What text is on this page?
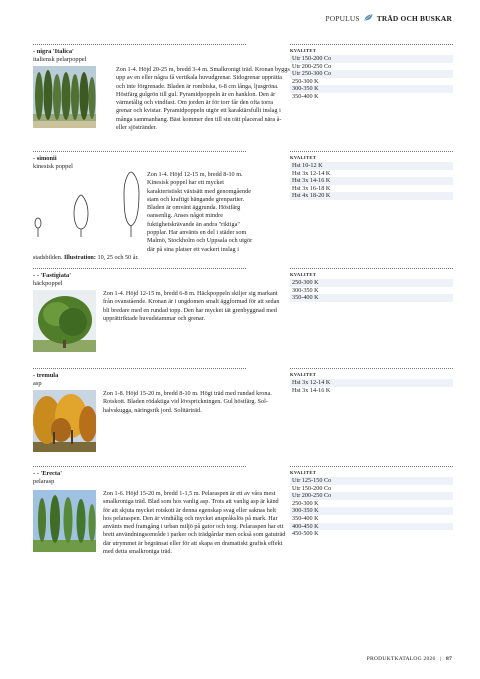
POPULUS TRÄD OCH BUSKAR
- nigra 'Italica'
italiensk pelarpoppel
Zon 1-4. Höjd 20-25 m, bredd 3-4 m. Smalkronigt träd. Kronan byggs upp av en eller några få vertikala huvudgrenar. Sidogrenar upprätta och inte förgrenade. Bladen är rombiska, 6-8 cm långa, ljusgröna. Höstfärg gulgrön till gul. Pyramidpoppeln är en hanklon. Den är värmetålig och vindfast. Om jorden är för torr får den ofta torra grenar och kvistar. Pyramidpoppeln utgör ett karaktärsfullt inslag i många sammanhang. Bäst kommer den till sin rätt placerad nära å- eller sjöstränder.
KVALITET
Utr 150-200 Co
Utr 200-250 Co
Utr 250-300 Co
250-300 K
300-350 K
350-400 K
- simonii
kinesisk poppel
Zon 1-4. Höjd 12-15 m, bredd 8-10 m. Kinesisk poppel har ett mycket karakteristiskt växtsätt med genomgående stam och kraftigt hängande grenpartier. Bladen är omvänt äggrunda. Höstfärg oansenlig. Anses något mindre fuktighetskrävande än andra "riktiga" popplar. Har använts en del i städer som Malmö, Stockholm och Uppsala och utgör där på sina platser ett vackert inslag i stadsbilden. Illustration: 10, 25 och 50 år.
KVALITET
Hst 10-12 K
Hst 3x 12-14 K
Hst 3x 14-16 K
Hst 3x 16-18 K
Hst 4x 18-20 K
- - 'Fastigiata'
häckpoppel
Zon 1-4. Höjd 12-15 m, bredd 6-8 m. Häckpoppeln skiljer sig markant från ovanstående. Kronan är i ungdomen smalt äggformad för att sedan bli bredare med en rundad topp. Den har mycket tät grenbyggnad med upprättriktade huvudstammar och grenar.
KVALITET
250-300 K
300-350 K
350-400 K
- tremula
asp
Zon 1-8. Höjd 15-20 m, bredd 8-10 m. Högt träd med rundad krona. Rotskott. Bladen rödaktiga vid lövsprickningen. Gul höstfärg. Sol-halvskugga, näringsrik jord. Solitärträd.
KVALITET
Hst 3x 12-14 K
Hst 3x 14-16 K
- - 'Erecta'
pelarasp
Zon 1-6. Höjd 15-20 m, bredd 1-1,5 m. Pelaraspen är ett av våra mest smalkroniga träd. Blad som hos vanlig asp. Trots att vanlig asp är känd för att skjuta mycket rotskott är denna egenskap svag eller saknas helt hos pelaraspen. Den är vindtålig och mycket anspråkslös på mark. Har använts med framgång i urban miljö på gator och torg. Pelaraspen har ett brett användningsområde i parker och trädgårdar men också som gatuträd där utrymmet är begränsat eller för att skapa en dramatiskt grafisk effekt med detta smalkroniga träd.
KVALITET
Utr 125-150 Co
Utr 150-200 Co
Utr 200-250 Co
250-300 K
300-350 K
350-400 K
400-450 K
450-500 K
PRODUKTKATALOG 2026 | 87
